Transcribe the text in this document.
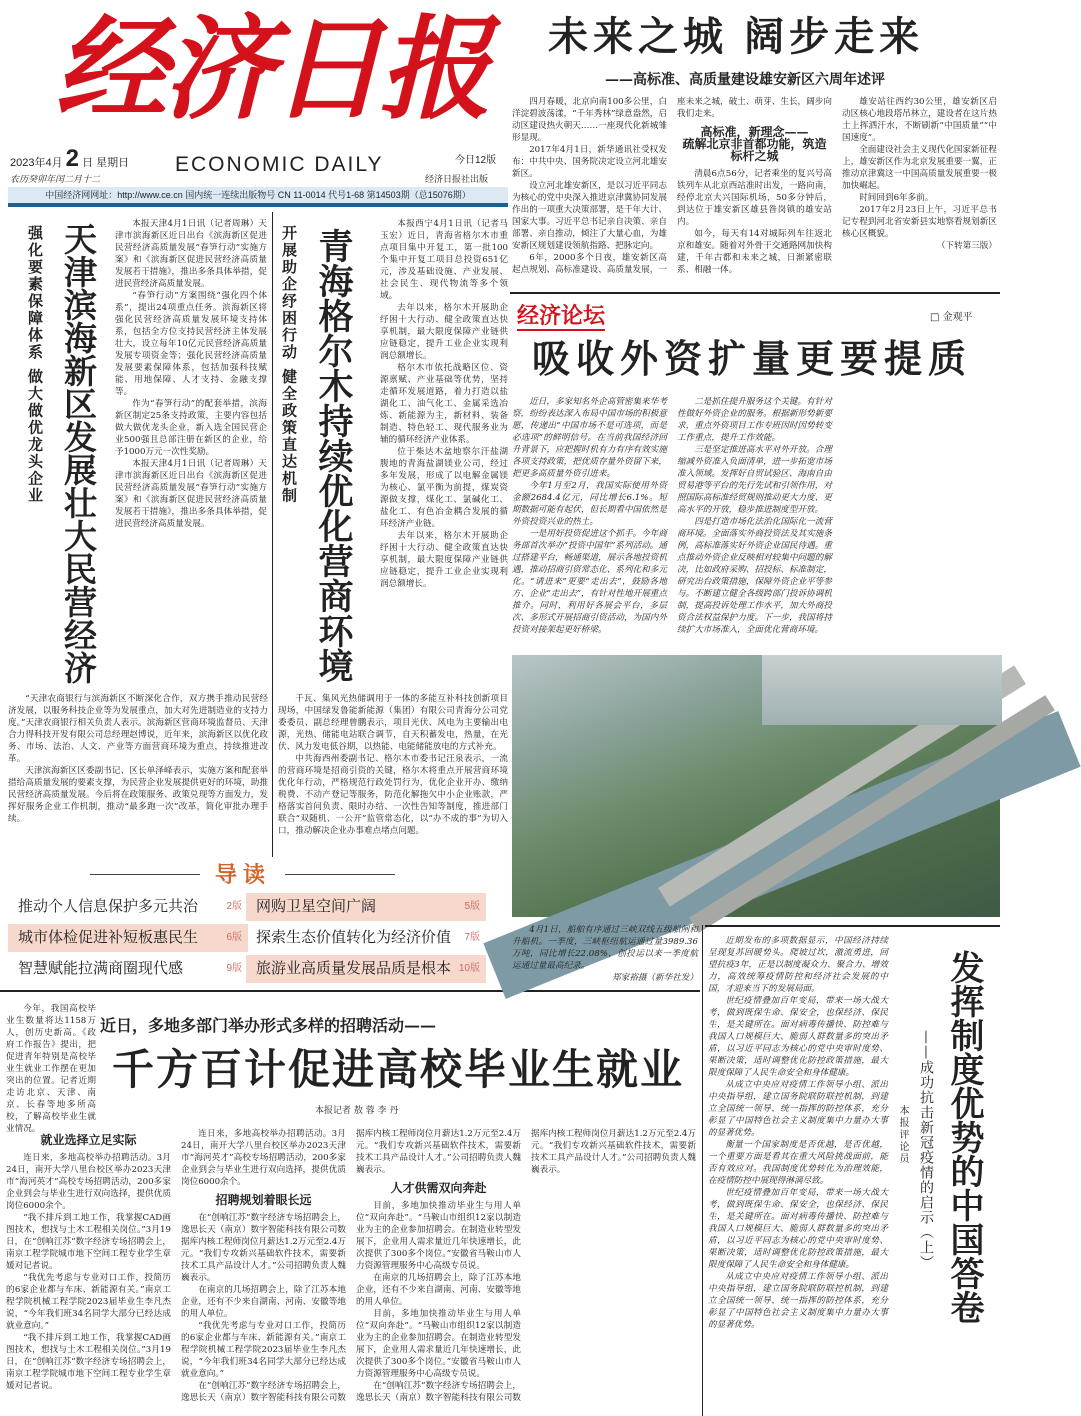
经济日报
2023年4月 2 日 星期日
农历癸卯年闰二月十二
ECONOMIC DAILY	今日12版
经济日报社出版
中国经济网网址：http://www.ce.cn 国内统一连续出版物号 CN 11-0014 代号1-68 第14503期（总15076期）
未来之城 阔步走来
——高标准、高质量建设雄安新区六周年述评

四月春暖，北京向南100多公里，白洋淀碧波荡漾，“千年秀林”绿意盎然，启动区建设热火朝天……一座现代化新城雏形显现。

2017年4月1日，新华通讯社受权发布：中共中央、国务院决定设立河北雄安新区。

设立河北雄安新区，是以习近平同志为核心的党中央深入推进京津冀协同发展作出的一项重大决策部署，是千年大计、国家大事。习近平总书记亲自决策、亲自部署、亲自推动，倾注了大量心血，为雄安新区规划建设领航指路、把脉定向。

6年，2000多个日夜，雄安新区高起点规划、高标准建设、高质量发展，一座未来之城，破土、萌芽、生长，阔步向我们走来。

高标准，新理念——
疏解北京非首都功能，筑造标杆之城

清晨6点56分，记者乘坐的复兴号高铁列车从北京西站准时出发，一路向南，经停北京大兴国际机场，50多分钟后，到达位于雄安新区雄县昝岗镇的雄安站内。

如今，每天有14对城际列车往返北京和雄安。随着对外骨干交通路网加快构建，千年古都和未来之城，日渐紧密联系、相融一体。

雄安站往西约30公里，雄安新区启动区核心地段塔吊林立，建设者在这片热土上挥洒汗水，不断刷新“中国质量”“中国速度”。

全面建设社会主义现代化国家新征程上，雄安新区作为北京发展重要一翼，正推动京津冀这一中国高质量发展重要一极加快崛起。

时间回到6年多前。

2017年2月23日上午，习近平总书记专程到河北省安新县实地察看规划新区核心区概貌。

（下转第三版）
强化要素保障体系 做大做优龙头企业 天津滨海新区发展壮大民营经济	本报天津4月1日讯（记者周琳）天津市滨海新区近日出台《滨海新区促进民营经济高质量发展“春笋行动”实施方案》和《滨海新区促进民营经济高质量发展若干措施》，推出多条具体举措，促进民营经济高质量发展。

“春笋行动”方案围绕“强化四个体系”，提出24项重点任务。滨海新区将强化民营经济高质量发展环境支持体系，包括全方位支持民营经济主体发展壮大，设立每年10亿元民营经济高质量发展专项资金等；强化民营经济高质量发展要素保障体系，包括加强科技赋能、用地保障、人才支持、金融支撑等。

作为“春笋行动”的配套举措，滨海新区制定25条支持政策，主要内容包括做大做优龙头企业，新入选全国民营企业500强且总部注册在新区的企业，给予1000万元一次性奖励。

本报天津4月1日讯（记者周琳）天津市滨海新区近日出台《滨海新区促进民营经济高质量发展“春笋行动”实施方案》和《滨海新区促进民营经济高质量发展若干措施》，推出多条具体举措，促进民营经济高质量发展。

“天津农商银行与滨海新区不断深化合作，双方携手推动民营经济发展，以服务科技企业等为发展重点，加大对先进制造业的支持力度。”天津农商银行相关负责人表示。滨海新区营商环境监督员、天津合力得科技开发有限公司总经理赵博说，近年来，滨海新区以优化政务、市场、法治、人文、产业等方面营商环境为重点，持续推进改革。

天津滨海新区区委副书记、区长单泽峰表示，实施方案和配套举措给高质量发展的要素支撑，为民营企业发展提供更好的环境，助推民营经济高质量发展。今后将在政策服务、政策兑现等方面发力，发挥好服务企业工作机制，推动“最多跑一次”改革，简化审批办理手续。

开展助企纾困行动 健全政策直达机制 青海格尔木持续优化营商环境

本报西宁4月1日讯（记者马玉宏）近日，青海省格尔木市重点项目集中开复工，第一批100个集中开复工项目总投资651亿元，涉及基础设施、产业发展、社会民生、现代物流等多个领域。

去年以来，格尔木开展助企纾困十大行动、健全政策直达快享机制，最大限度保障产业链供应链稳定，提升工业企业实现利润总额增长。

格尔木市依托战略区位、资源禀赋、产业基础等优势，坚持走循环发展道路，着力打造以盐湖化工、油气化工、金属采选冶炼、新能源为主，新材料、装备制造、特色轻工、现代服务业为辅的循环经济产业体系。

位于柴达木盆地察尔汗盐湖腹地的青海盐湖镁业公司，经过多年发展，形成了以电解金属镁为核心、氯平衡为前提，煤炭资源做支撑，煤化工、氯碱化工、盐化工、有色冶金耦合发展的循环经济产业链。

去年以来，格尔木开展助企纾困十大行动、健全政策直达快享机制，最大限度保障产业链供应链稳定，提升工业企业实现利润总额增长。

千瓦、集风光热储调用于一体的多能互补科技创新项目现场，中国绿发鲁能新能源（集团）有限公司青海分公司党委委员、副总经理曾鹏表示，项目光伏、风电为主要输出电源，光热、储能电站联合调节，自天积蓄发电，热量，在光伏、风力发电低谷期，以热能、电能储能放电的方式补充。

中共海西州委副书记、格尔木市委书记汪泉表示，一流的营商环境是招商引资的关键，格尔木将重点开展营商环境优化年行动，严格规范行政处罚行为，优化企业开办、缴纳税费、不动产登记等服务，防范化解拖欠中小企业账款，严格落实首问负责、限时办结、一次性告知等制度，推进部门联合“双随机、一公开”监管常态化，以“办不成的事”为切入口，推动解决企业办事难点堵点问题。

导读
推动个人信息保护多元共治	2版 网购卫星空间广阔	5版
城市体检促进补短板惠民生	6版 探索生态价值转化为经济价值 7版
智慧赋能拉满商圈现代感	9版 旅游业高质量发展品质是根本 10版
经济论坛	□ 金观平
吸收外资扩量更要提质

近日，多家知名外企高管密集来华考察，纷纷表达深入布局中国市场的积极意愿，传递出“中国市场不是可选项，而是必选项”的鲜明信号。在当前我国经济回升背景下，应把握时机有力有序有效实施各项支持政策，把优质存量外资留下来，把更多高质量外资引进来。

今年1月至2月，我国实际使用外资金额2684.4亿元，同比增长6.1%。短期数据可能有起伏，但长期看中国依然是外资投资兴业的热土。

一是用好投资促进这个抓手。今年商务部首次举办“投资中国年”系列活动。通过搭建平台，畅通渠道，展示各地投资机遇，推动招商引资常态化、系列化和多元化。“请进来”更要“走出去”，鼓励各地方、企业“走出去”，有针对性地开展重点推介。同时，利用好各展会平台，多层次、多形式开展招商引资活动，为国内外投资对接架起更好桥梁。

二是抓住提升服务这个关键。有针对性做好外资企业的服务。根据新形势新要求，重点外资项目工作专班因时因势转变工作重点，提升工作效能。

三是坚定推进高水平对外开放。合理缩减外资准入负面清单，进一步拓宽市场准入领域。发挥好自贸试验区、海南自由贸易港等平台的先行先试和引领作用，对照国际高标准经贸规则推动更大力度、更高水平的开放，稳步推进制度型开放。

四是打造市场化法治化国际化一流营商环境。全面落实外商投资法及其实施条例，高标准落实好外资企业国民待遇。重点推动外资企业反映相对较集中问题的解决，比如政府采购、招投标、标准制定，研究出台政策措施，保障外资企业平等参与。不断建立健全各级跨部门投诉协调机制，提高投诉处理工作水平，加大外商投资合法权益保护力度。下一步，我国将持续扩大市场准入，全面优化营商环境。

4月1日，船舶有序通过三峡双线五级船闸和升船机。一季度，三峡枢纽航运通过量3989.36万吨，同比增长22.08%，创投运以来一季度航运通过量最高纪录。

郑家裕摄（新华社发）

近期发布的多项数据显示，中国经济持续呈现复苏回暖势头。爬坡过坎，激流勇进，回望抗疫3年，正是以制度凝众力、聚合力、增效力，高效统筹疫情防控和经济社会发展的中国，才迎来当下的发展局面。

世纪疫情叠加百年变局，带来一场大战大考，做到既保生命、保安全，也保经济、保民生，是关键所在。面对病毒传播快、防控难与我国人口规模巨大、脆弱人群数量多的突出矛盾，以习近平同志为核心的党中央审时度势、果断决策，适时调整优化防控政策措施，最大限度保障了人民生命安全和身体健康。

从成立中央应对疫情工作领导小组、派出中央指导组，建立国务院联防联控机制，到建立全国统一领导、统一指挥的防控体系，充分彰显了中国特色社会主义制度集中力量办大事的显著优势。

衡量一个国家制度是否优越，是否优越，一个重要方面是看其在重大风险挑战面前，能否有效应对。我国制度优势转化为治理效能，在疫情防控中展现得淋漓尽致。

世纪疫情叠加百年变局，带来一场大战大考，做到既保生命、保安全，也保经济、保民生，是关键所在。面对病毒传播快、防控难与我国人口规模巨大、脆弱人群数量多的突出矛盾，以习近平同志为核心的党中央审时度势、果断决策，适时调整优化防控政策措施，最大限度保障了人民生命安全和身体健康。

从成立中央应对疫情工作领导小组、派出中央指导组，建立国务院联防联控机制，到建立全国统一领导、统一指挥的防控体系，充分彰显了中国特色社会主义制度集中力量办大事的显著优势。

发挥制度优势的中国答卷
——成功抗击新冠疫情的启示（上）
本报评论员

今年，我国高校毕业生数量将达1158万人，创历史新高。《政府工作报告》提出，把促进青年特别是高校毕业生就业工作摆在更加突出的位置。记者近期走访北京、天津、南京、长春等地多所高校，了解高校毕业生就业情况。

近日，多地多部门举办形式多样的招聘活动——
千方百计促进高校毕业生就业
本报记者 敖 蓉 李 丹
就业选择立足实际

连日来，多地高校举办招聘活动。3月24日，南开大学八里台校区举办2023天津市“海河英才”高校专场招聘活动，200多家企业到会与毕业生进行双向选择，提供优质岗位6000余个。

“我不排斥到工地工作，我掌握CAD画图技术，想找与土木工程相关岗位。”3月19日，在“创响江苏”数字经济专场招聘会上，南京工程学院城市地下空间工程专业学生章媛对记者说。

“我优先考虑与专业对口工作，投简历的6家企业都与车床、新能源有关。”南京工程学院机械工程学院2023届毕业生李凡杰说，“今年我们班34名同学大部分已经达成就业意向。”

“我不排斥到工地工作，我掌握CAD画图技术，想找与土木工程相关岗位。”3月19日，在“创响江苏”数字经济专场招聘会上，南京工程学院城市地下空间工程专业学生章媛对记者说。

连日来，多地高校举办招聘活动。3月24日，南开大学八里台校区举办2023天津市“海河英才”高校专场招聘活动，200多家企业到会与毕业生进行双向选择，提供优质岗位6000余个。

招聘规划着眼长远

在“创响江苏”数字经济专场招聘会上，逸思长天（南京）数字智能科技有限公司数据库内核工程师岗位月薪达1.2万元至2.4万元。“我们专攻新兴基础软件技术，需要新技术工具产品设计人才。”公司招聘负责人魏巍表示。

在南京的几场招聘会上，除了江苏本地企业，还有不少来自湖南、河南、安徽等地的用人单位。

“我优先考虑与专业对口工作，投简历的6家企业都与车床、新能源有关。”南京工程学院机械工程学院2023届毕业生李凡杰说，“今年我们班34名同学大部分已经达成就业意向。”

在“创响江苏”数字经济专场招聘会上，逸思长天（南京）数字智能科技有限公司数据库内核工程师岗位月薪达1.2万元至2.4万元。“我们专攻新兴基础软件技术，需要新技术工具产品设计人才。”公司招聘负责人魏巍表示。

人才供需双向奔赴

目前，多地加快推动毕业生与用人单位“双向奔赴”。“马鞍山市组织12家以制造业为主的企业参加招聘会。在制造业转型发展下，企业用人需求量近几年快速增长，此次提供了300多个岗位。”安徽省马鞍山市人力资源管理服务中心高级专员说。

在南京的几场招聘会上，除了江苏本地企业，还有不少来自湖南、河南、安徽等地的用人单位。

目前，多地加快推动毕业生与用人单位“双向奔赴”。“马鞍山市组织12家以制造业为主的企业参加招聘会。在制造业转型发展下，企业用人需求量近几年快速增长，此次提供了300多个岗位。”安徽省马鞍山市人力资源管理服务中心高级专员说。

在“创响江苏”数字经济专场招聘会上，逸思长天（南京）数字智能科技有限公司数据库内核工程师岗位月薪达1.2万元至2.4万元。“我们专攻新兴基础软件技术，需要新技术工具产品设计人才。”公司招聘负责人魏巍表示。
